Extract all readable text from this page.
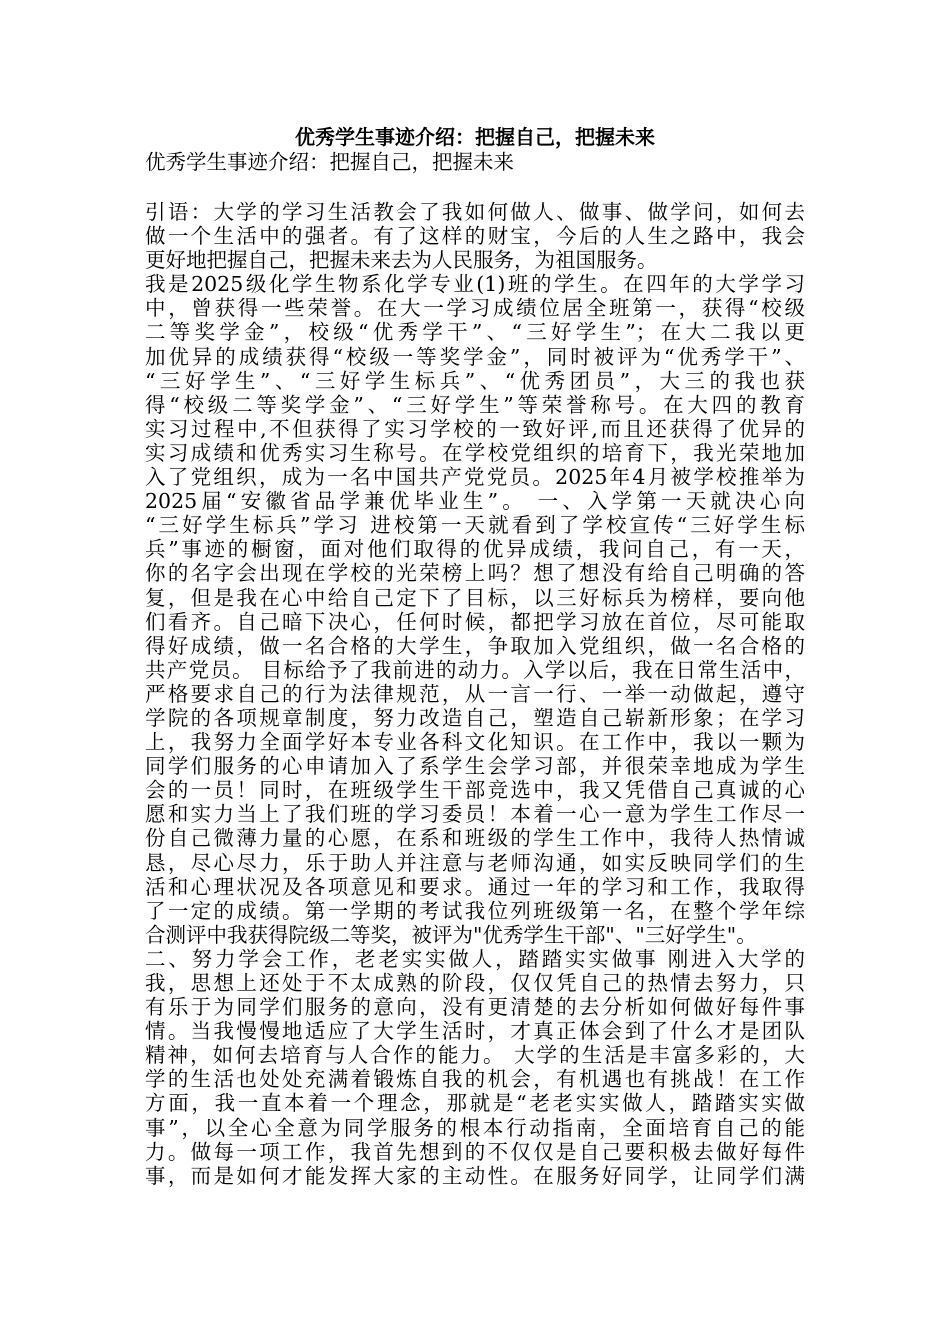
优秀学生事迹介绍：把握自己，把握未来

优秀学生事迹介绍：把握自己，把握未来

引语：大学的学习生活教会了我如何做人、做事、做学问，如何去
做一个生活中的强者。有了这样的财宝，今后的人生之路中，我会
更好地把握自己，把握未来去为人民服务，为祖国服务。
我是2025级化学生物系化学专业(1)班的学生。在四年的大学学习
中，曾获得一些荣誉。在大一学习成绩位居全班第一，获得“校级
二等奖学金”，校级“优秀学干”、“三好学生”；在大二我以更
加优异的成绩获得“校级一等奖学金”，同时被评为“优秀学干”、
“三好学生”、“三好学生标兵”、“优秀团员”，大三的我也获
得“校级二等奖学金”、“三好学生”等荣誉称号。在大四的教育
实习过程中,不但获得了实习学校的一致好评,而且还获得了优异的
实习成绩和优秀实习生称号。在学校党组织的培育下，我光荣地加
入了党组织，成为一名中国共产党党员。2025年4月被学校推举为
2025届“安徽省品学兼优毕业生”。 一、入学第一天就决心向
“三好学生标兵”学习 进校第一天就看到了学校宣传“三好学生标
兵”事迹的橱窗，面对他们取得的优异成绩，我问自己，有一天，
你的名字会出现在学校的光荣榜上吗？想了想没有给自己明确的答
复，但是我在心中给自己定下了目标，以三好标兵为榜样，要向他
们看齐。自己暗下决心，任何时候，都把学习放在首位，尽可能取
得好成绩，做一名合格的大学生，争取加入党组织，做一名合格的
共产党员。 目标给予了我前进的动力。入学以后，我在日常生活中，
严格要求自己的行为法律规范，从一言一行、一举一动做起，遵守
学院的各项规章制度，努力改造自己，塑造自己崭新形象；在学习
上，我努力全面学好本专业各科文化知识。在工作中，我以一颗为
同学们服务的心申请加入了系学生会学习部，并很荣幸地成为学生
会的一员！同时，在班级学生干部竞选中，我又凭借自己真诚的心
愿和实力当上了我们班的学习委员！本着一心一意为学生工作尽一
份自己微薄力量的心愿，在系和班级的学生工作中，我待人热情诚
恳，尽心尽力，乐于助人并注意与老师沟通，如实反映同学们的生
活和心理状况及各项意见和要求。通过一年的学习和工作，我取得
了一定的成绩。第一学期的考试我位列班级第一名，在整个学年综
合测评中我获得院级二等奖，被评为"优秀学生干部"、"三好学生"。
二、努力学会工作，老老实实做人，踏踏实实做事 刚进入大学的
我，思想上还处于不太成熟的阶段，仅仅凭自己的热情去努力，只
有乐于为同学们服务的意向，没有更清楚的去分析如何做好每件事
情。当我慢慢地适应了大学生活时，才真正体会到了什么才是团队
精神，如何去培育与人合作的能力。 大学的生活是丰富多彩的，大
学的生活也处处充满着锻炼自我的机会，有机遇也有挑战！在工作
方面，我一直本着一个理念，那就是“老老实实做人，踏踏实实做
事”，以全心全意为同学服务的根本行动指南，全面培育自己的能
力。做每一项工作，我首先想到的不仅仅是自己要积极去做好每件
事，而是如何才能发挥大家的主动性。在服务好同学，让同学们满
